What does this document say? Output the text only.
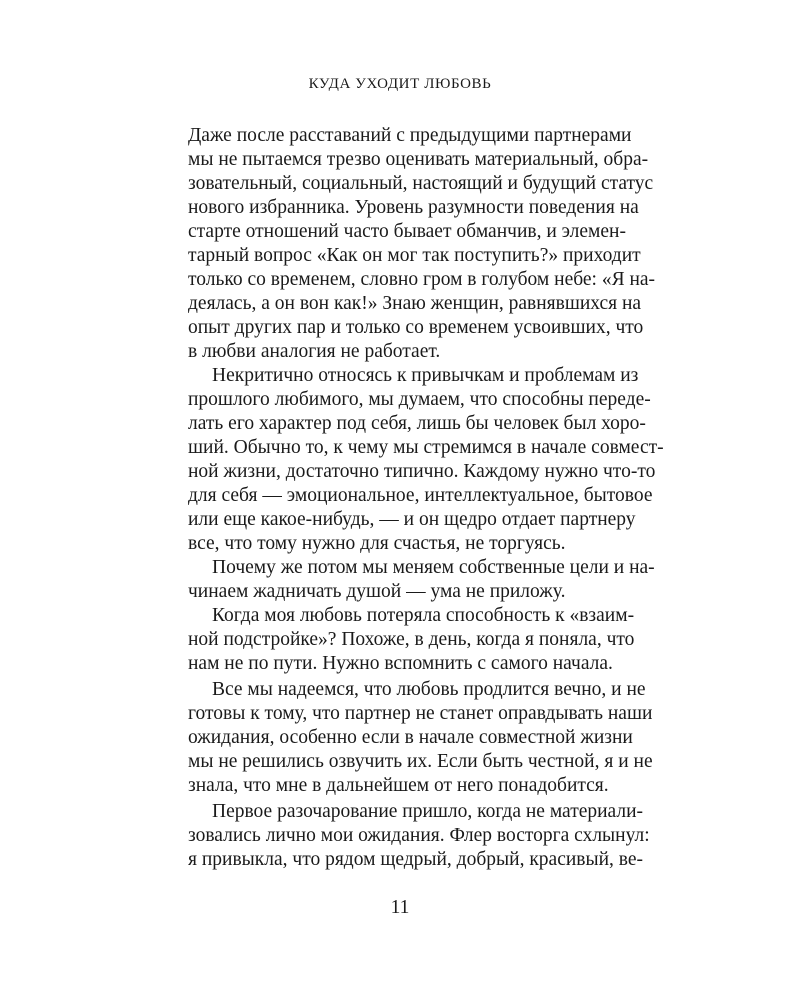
КУДА УХОДИТ ЛЮБОВЬ
Даже после расставаний с предыдущими партнерами
мы не пытаемся трезво оценивать материальный, обра-
зовательный, социальный, настоящий и будущий статус
нового избранника. Уровень разумности поведения на
старте отношений часто бывает обманчив, и элемен-
тарный вопрос «Как он мог так поступить?» приходит
только со временем, словно гром в голубом небе: «Я на-
деялась, а он вон как!» Знаю женщин, равнявшихся на
опыт других пар и только со временем усвоивших, что
в любви аналогия не работает.
Некритично относясь к привычкам и проблемам из
прошлого любимого, мы думаем, что способны переде-
лать его характер под себя, лишь бы человек был хоро-
ший. Обычно то, к чему мы стремимся в начале совмест-
ной жизни, достаточно типично. Каждому нужно что-то
для себя — эмоциональное, интеллектуальное, бытовое
или еще какое-нибудь, — и он щедро отдает партнеру
все, что тому нужно для счастья, не торгуясь.
Почему же потом мы меняем собственные цели и на-
чинаем жадничать душой — ума не приложу.
Когда моя любовь потеряла способность к «взаим-
ной подстройке»? Похоже, в день, когда я поняла, что
нам не по пути. Нужно вспомнить с самого начала.
Все мы надеемся, что любовь продлится вечно, и не
готовы к тому, что партнер не станет оправдывать наши
ожидания, особенно если в начале совместной жизни
мы не решились озвучить их. Если быть честной, я и не
знала, что мне в дальнейшем от него понадобится.
Первое разочарование пришло, когда не материали-
зовались лично мои ожидания. Флер восторга схлынул:
я привыкла, что рядом щедрый, добрый, красивый, ве-
11
